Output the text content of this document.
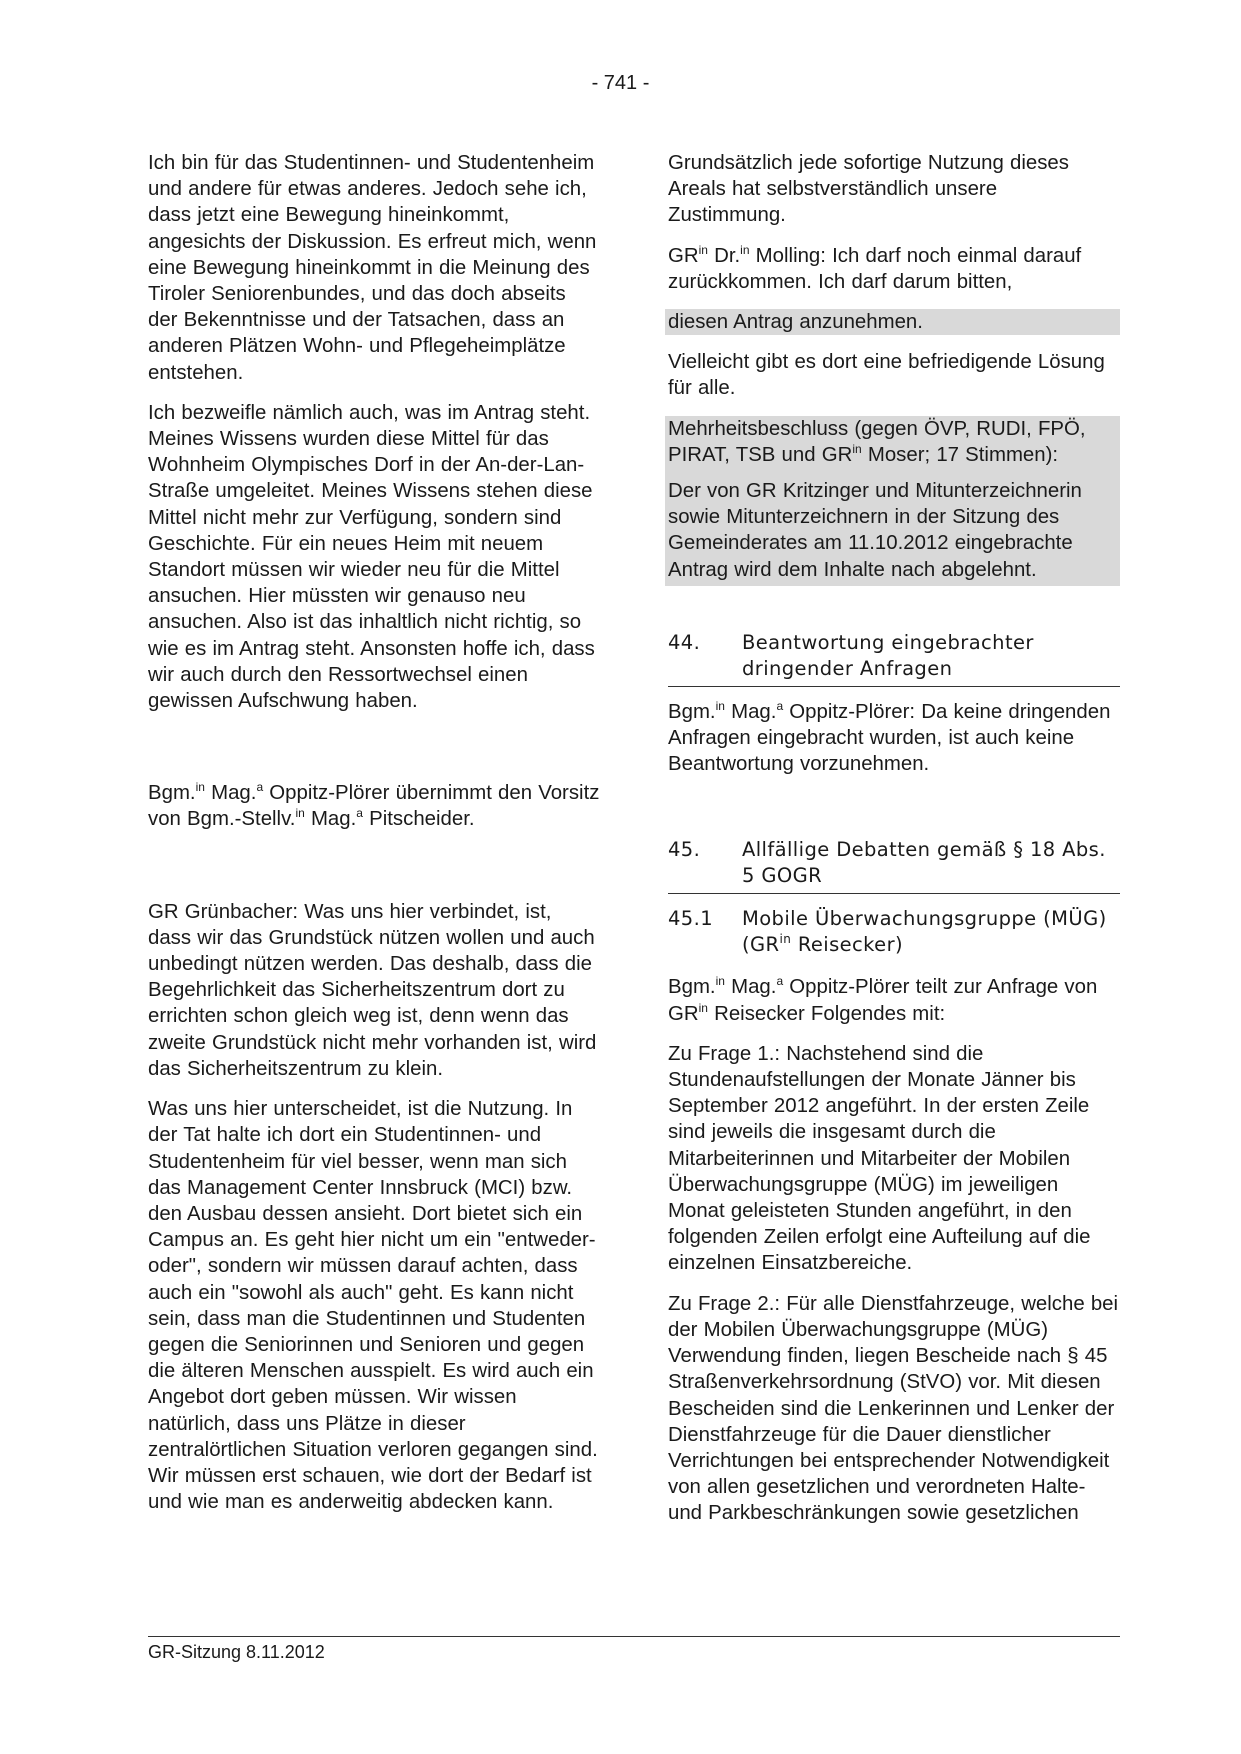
- 741 -

Ich bin für das Studentinnen- und Studentenheim und andere für etwas anderes. Jedoch sehe ich, dass jetzt eine Bewegung hineinkommt, angesichts der Diskussion. Es erfreut mich, wenn eine Bewegung hineinkommt in die Meinung des Tiroler Seniorenbundes, und das doch abseits der Bekenntnisse und der Tatsachen, dass an anderen Plätzen Wohn- und Pflegeheimplätze entstehen.

Ich bezweifle nämlich auch, was im Antrag steht. Meines Wissens wurden diese Mittel für das Wohnheim Olympisches Dorf in der An-der-Lan-Straße umgeleitet. Meines Wissens stehen diese Mittel nicht mehr zur Verfügung, sondern sind Geschichte. Für ein neues Heim mit neuem Standort müssen wir wieder neu für die Mittel ansuchen. Hier müssten wir genauso neu ansuchen. Also ist das inhaltlich nicht richtig, so wie es im Antrag steht. Ansonsten hoffe ich, dass wir auch durch den Ressortwechsel einen gewissen Aufschwung haben.

Bgm.$^{in}$ Mag.$^a$ Oppitz-Plörer übernimmt den Vorsitz von Bgm.-Stellv.$^{in}$ Mag.$^a$ Pitscheider.

GR Grünbacher: Was uns hier verbindet, ist, dass wir das Grundstück nützen wollen und auch unbedingt nützen werden. Das deshalb, dass die Begehrlichkeit das Sicherheitszentrum dort zu errichten schon gleich weg ist, denn wenn das zweite Grundstück nicht mehr vorhanden ist, wird das Sicherheitszentrum zu klein.

Was uns hier unterscheidet, ist die Nutzung. In der Tat halte ich dort ein Studentinnen- und Studentenheim für viel besser, wenn man sich das Management Center Innsbruck (MCI) bzw. den Ausbau dessen ansieht. Dort bietet sich ein Campus an. Es geht hier nicht um ein "entweder-oder", sondern wir müssen darauf achten, dass auch ein "sowohl als auch" geht. Es kann nicht sein, dass man die Studentinnen und Studenten gegen die Seniorinnen und Senioren und gegen die älteren Menschen ausspielt. Es wird auch ein Angebot dort geben müssen. Wir wissen natürlich, dass uns Plätze in dieser zentralörtlichen Situation verloren gegangen sind. Wir müssen erst schauen, wie dort der Bedarf ist und wie man es anderweitig abdecken kann.

Grundsätzlich jede sofortige Nutzung dieses Areals hat selbstverständlich unsere Zustimmung.

$GR^{in}$ Dr.$^{in}$ Molling: Ich darf noch einmal darauf zurückkommen. Ich darf darum bitten,

diesen Antrag anzunehmen.

Vielleicht gibt es dort eine befriedigende Lösung für alle.

Mehrheitsbeschluss (gegen ÖVP, RUDI, FPÖ, PIRAT, TSB und $GR^{in}$ Moser; 17 Stimmen):

Der von GR Kritzinger und Mitunterzeichnerin sowie Mitunterzeichnern in der Sitzung des Gemeinderates am 11.10.2012 eingebrachte Antrag wird dem Inhalte nach abgelehnt.

44.	Beantwortung eingebrachter dringender Anfragen

Bgm.$^{in}$ Mag.$^a$ Oppitz-Plörer: Da keine dringenden Anfragen eingebracht wurden, ist auch keine Beantwortung vorzunehmen.

45.	Allfällige Debatten gemäß § 18 Abs. 5 GOGR
45.1	Mobile Überwachungsgruppe (MÜG) ($GR^{in}$ Reisecker)

Bgm.$^{in}$ Mag.$^a$ Oppitz-Plörer teilt zur Anfrage von $GR^{in}$ Reisecker Folgendes mit:

Zu Frage 1.: Nachstehend sind die Stundenaufstellungen der Monate Jänner bis September 2012 angeführt. In der ersten Zeile sind jeweils die insgesamt durch die Mitarbeiterinnen und Mitarbeiter der Mobilen Überwachungsgruppe (MÜG) im jeweiligen Monat geleisteten Stunden angeführt, in den folgenden Zeilen erfolgt eine Aufteilung auf die einzelnen Einsatzbereiche.

Zu Frage 2.: Für alle Dienstfahrzeuge, welche bei der Mobilen Überwachungsgruppe (MÜG) Verwendung finden, liegen Bescheide nach § 45 Straßenverkehrsordnung (StVO) vor. Mit diesen Bescheiden sind die Lenkerinnen und Lenker der Dienstfahrzeuge für die Dauer dienstlicher Verrichtungen bei entsprechender Notwendigkeit von allen gesetzlichen und verordneten Halte- und Parkbeschränkungen sowie gesetzlichen

GR-Sitzung 8.11.2012
